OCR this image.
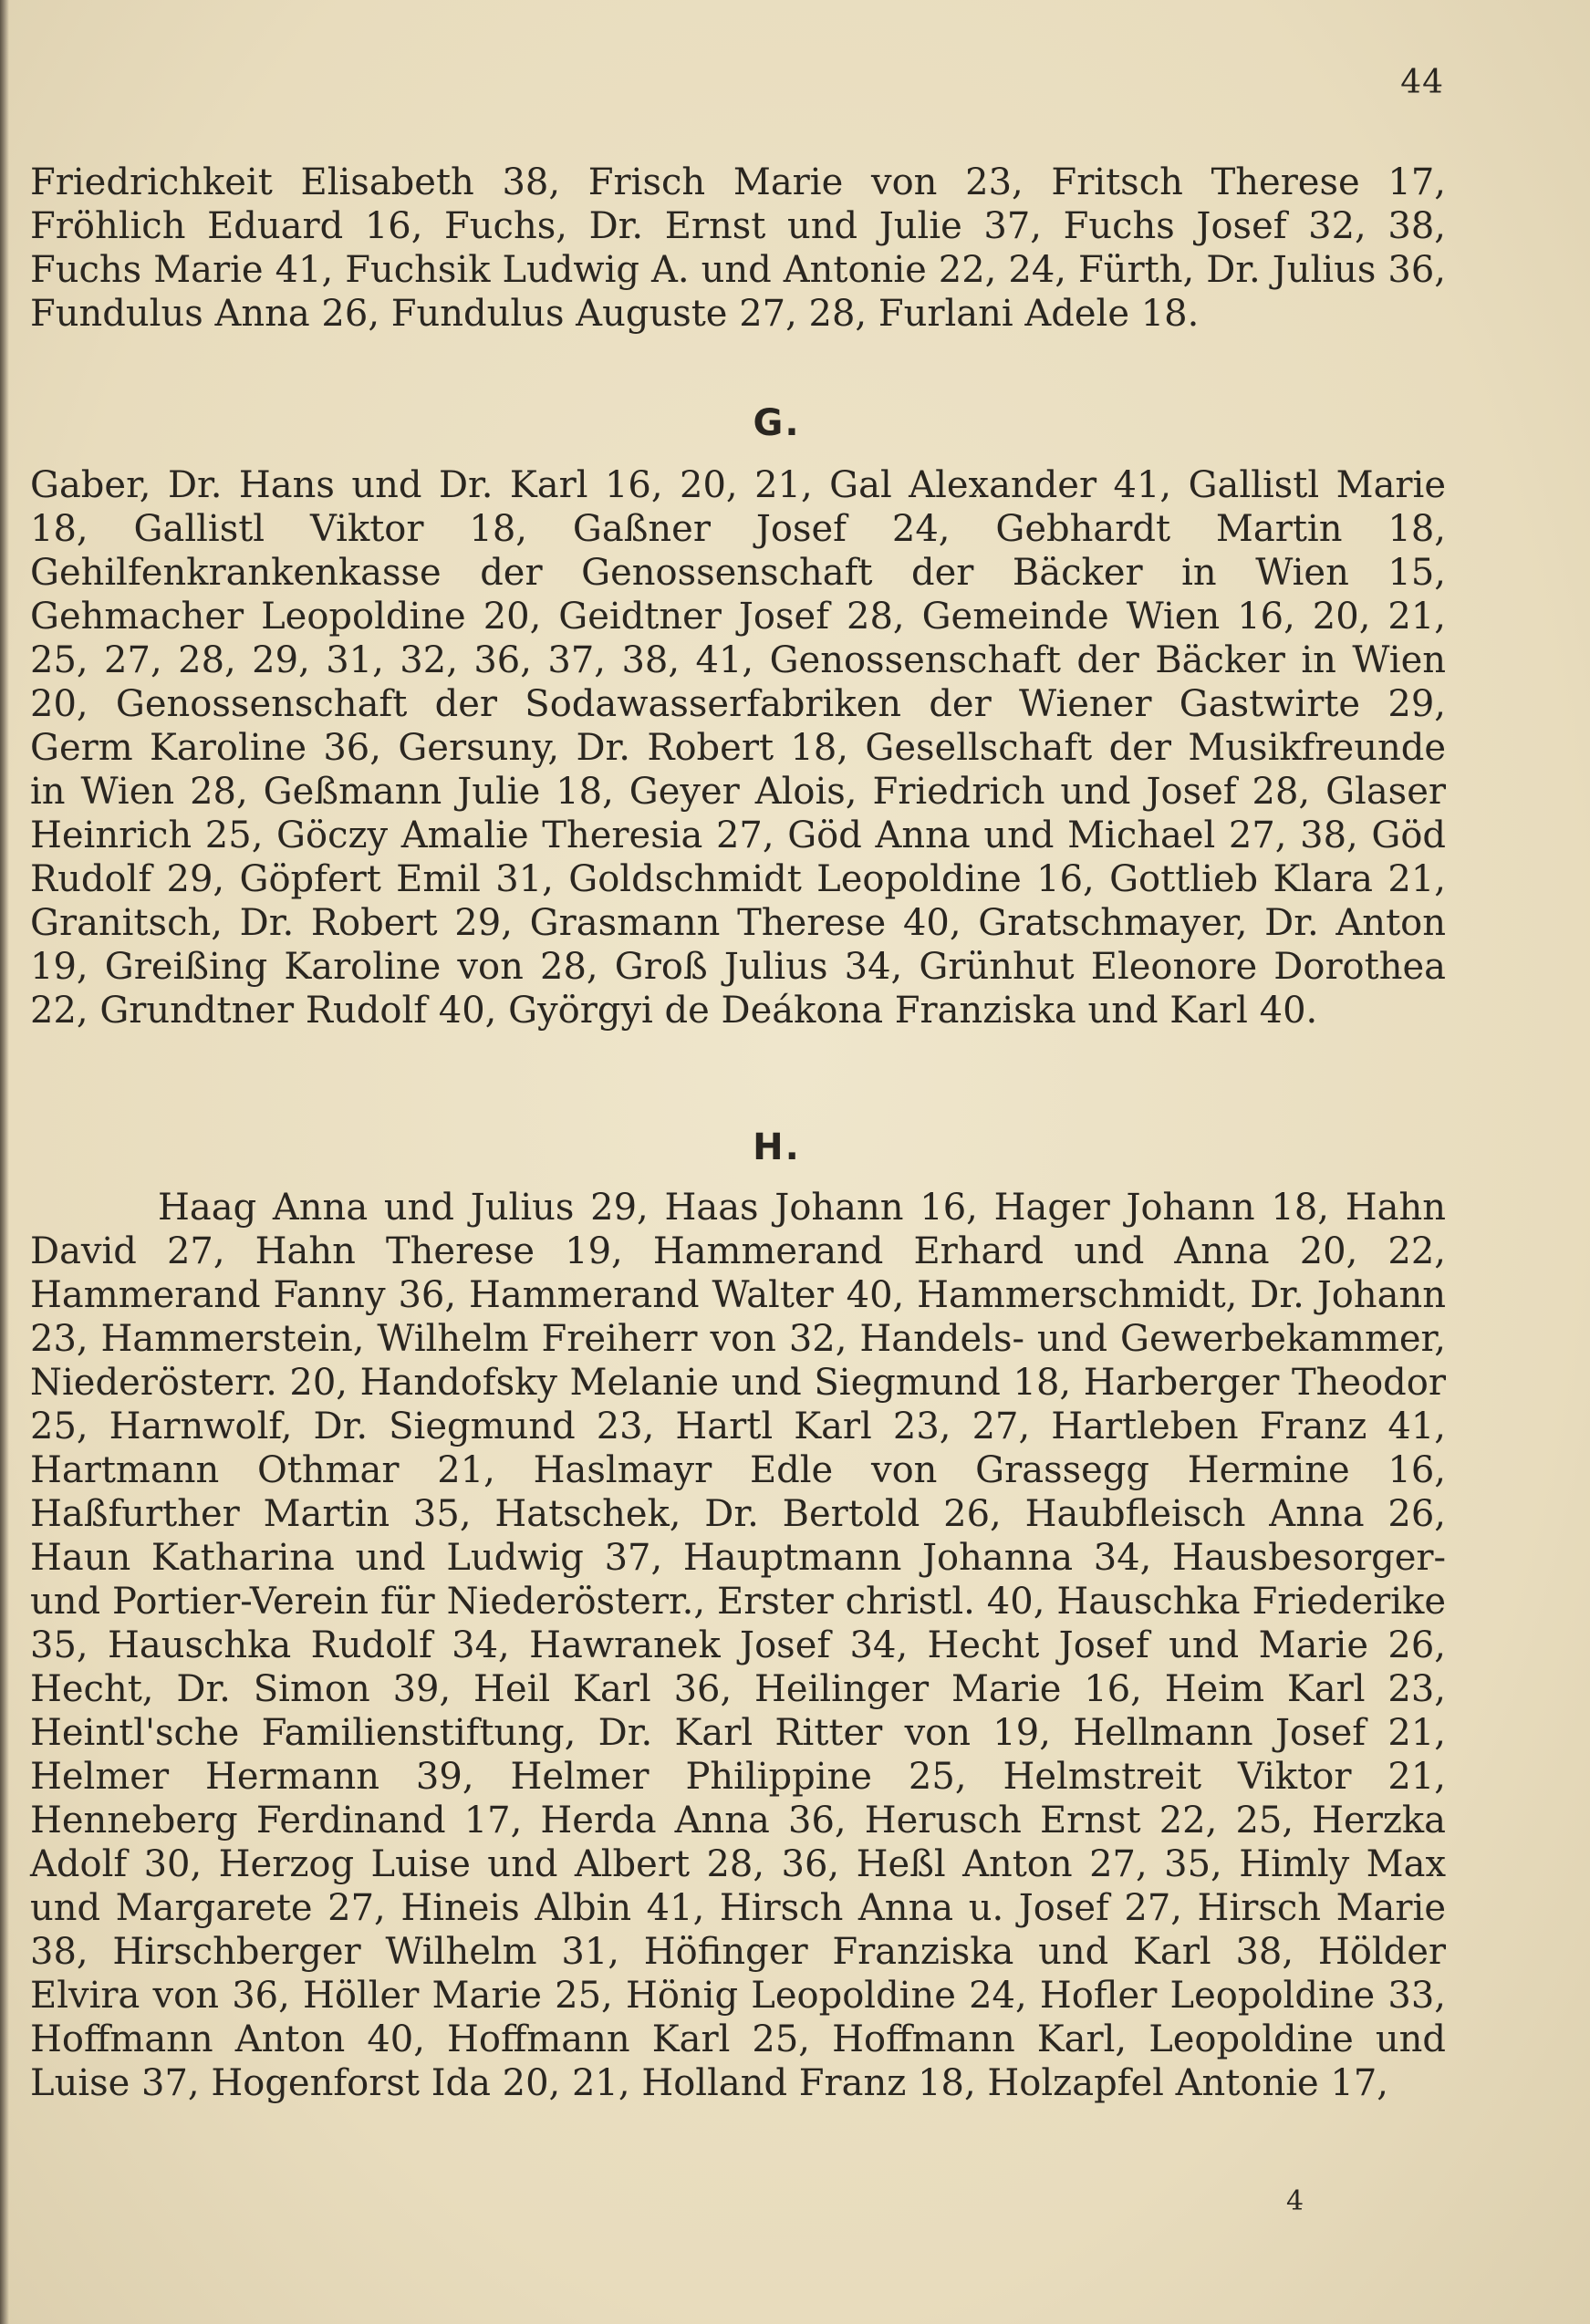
44

Friedrichkeit Elisabeth 38, Frisch Marie von 23, Fritsch Therese 17, Fröhlich Eduard 16, Fuchs, Dr. Ernst und Julie 37, Fuchs Josef 32, 38, Fuchs Marie 41, Fuchsik Ludwig A. und Antonie 22, 24, Fürth, Dr. Julius 36, Fundulus Anna 26, Fundulus Auguste 27, 28, Furlani Adele 18.

G.

Gaber, Dr. Hans und Dr. Karl 16, 20, 21, Gal Alexander 41, Gallistl Marie 18, Gallistl Viktor 18, Gaßner Josef 24, Gebhardt Martin 18, Gehilfenkrankenkasse der Genossenschaft der Bäcker in Wien 15, Gehmacher Leopoldine 20, Geidtner Josef 28, Gemeinde Wien 16, 20, 21, 25, 27, 28, 29, 31, 32, 36, 37, 38, 41, Genossenschaft der Bäcker in Wien 20, Genossenschaft der Sodawasserfabriken der Wiener Gastwirte 29, Germ Karoline 36, Gersuny, Dr. Robert 18, Gesellschaft der Musikfreunde in Wien 28, Geßmann Julie 18, Geyer Alois, Friedrich und Josef 28, Glaser Heinrich 25, Göczy Amalie Theresia 27, Göd Anna und Michael 27, 38, Göd Rudolf 29, Göpfert Emil 31, Goldschmidt Leopoldine 16, Gottlieb Klara 21, Granitsch, Dr. Robert 29, Grasmann Therese 40, Gratschmayer, Dr. Anton 19, Greißing Karoline von 28, Groß Julius 34, Grünhut Eleonore Dorothea 22, Grundtner Rudolf 40, Györgyi de Deákona Franziska und Karl 40.

H.

Haag Anna und Julius 29, Haas Johann 16, Hager Johann 18, Hahn David 27, Hahn Therese 19, Hammerand Erhard und Anna 20, 22, Hammerand Fanny 36, Hammerand Walter 40, Hammerschmidt, Dr. Johann 23, Hammerstein, Wilhelm Freiherr von 32, Handels- und Gewerbekammer, Niederösterr. 20, Handofsky Melanie und Siegmund 18, Harberger Theodor 25, Harnwolf, Dr. Siegmund 23, Hartl Karl 23, 27, Hartleben Franz 41, Hartmann Othmar 21, Haslmayr Edle von Grassegg Hermine 16, Haßfurther Martin 35, Hatschek, Dr. Bertold 26, Haubfleisch Anna 26, Haun Katharina und Ludwig 37, Hauptmann Johanna 34, Hausbesorger- und Portier-Verein für Niederösterr., Erster christl. 40, Hauschka Friederike 35, Hauschka Rudolf 34, Hawranek Josef 34, Hecht Josef und Marie 26, Hecht, Dr. Simon 39, Heil Karl 36, Heilinger Marie 16, Heim Karl 23, Heintl'sche Familienstiftung, Dr. Karl Ritter von 19, Hellmann Josef 21, Helmer Hermann 39, Helmer Philippine 25, Helmstreit Viktor 21, Henneberg Ferdinand 17, Herda Anna 36, Herusch Ernst 22, 25, Herzka Adolf 30, Herzog Luise und Albert 28, 36, Heßl Anton 27, 35, Himly Max und Margarete 27, Hineis Albin 41, Hirsch Anna u. Josef 27, Hirsch Marie 38, Hirschberger Wilhelm 31, Höfinger Franziska und Karl 38, Hölder Elvira von 36, Höller Marie 25, Hönig Leopoldine 24, Hofler Leopoldine 33, Hoffmann Anton 40, Hoffmann Karl 25, Hoffmann Karl, Leopoldine und Luise 37, Hogenforst Ida 20, 21, Holland Franz 18, Holzapfel Antonie 17,

4
